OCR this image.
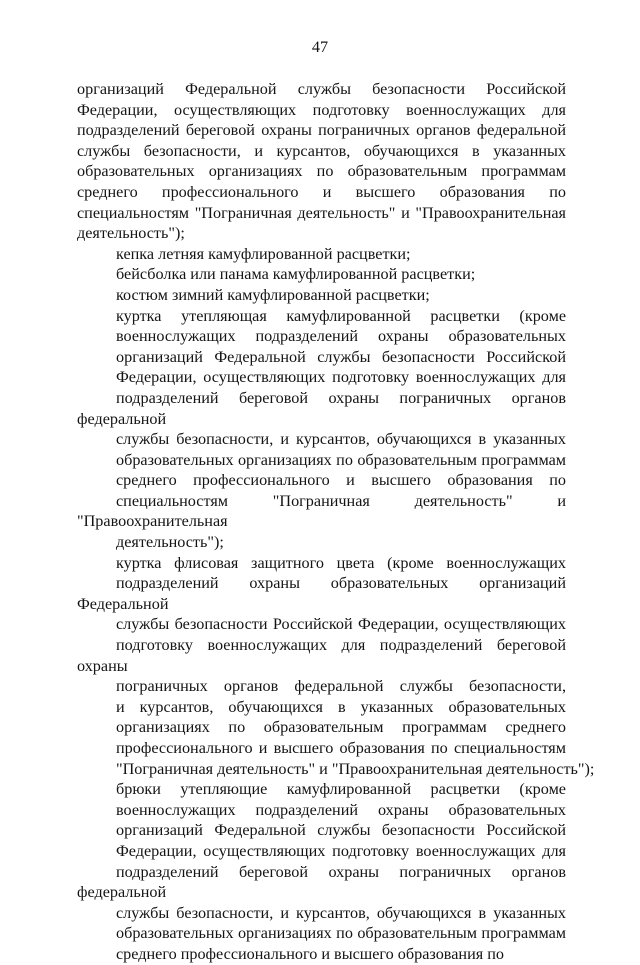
47
организаций Федеральной службы безопасности Российской
Федерации, осуществляющих подготовку военнослужащих для
подразделений береговой охраны пограничных органов федеральной
службы безопасности, и курсантов, обучающихся в указанных
образовательных организациях по образовательным программам
среднего профессионального и высшего образования по
специальностям "Пограничная деятельность" и "Правоохранительная
деятельность");
кепка летняя камуфлированной расцветки;
бейсболка или панама камуфлированной расцветки;
костюм зимний камуфлированной расцветки;
куртка утепляющая камуфлированной расцветки (кроме
военнослужащих подразделений охраны образовательных
организаций Федеральной службы безопасности Российской
Федерации, осуществляющих подготовку военнослужащих для
подразделений береговой охраны пограничных органов федеральной
службы безопасности, и курсантов, обучающихся в указанных
образовательных организациях по образовательным программам
среднего профессионального и высшего образования по
специальностям "Пограничная деятельность" и "Правоохранительная
деятельность");
куртка флисовая защитного цвета (кроме военнослужащих
подразделений охраны образовательных организаций Федеральной
службы безопасности Российской Федерации, осуществляющих
подготовку военнослужащих для подразделений береговой охраны
пограничных органов федеральной службы безопасности,
и курсантов, обучающихся в указанных образовательных
организациях по образовательным программам среднего
профессионального и высшего образования по специальностям
"Пограничная деятельность" и "Правоохранительная деятельность");
брюки утепляющие камуфлированной расцветки (кроме
военнослужащих подразделений охраны образовательных
организаций Федеральной службы безопасности Российской
Федерации, осуществляющих подготовку военнослужащих для
подразделений береговой охраны пограничных органов федеральной
службы безопасности, и курсантов, обучающихся в указанных
образовательных организациях по образовательным программам
среднего профессионального и высшего образования по
